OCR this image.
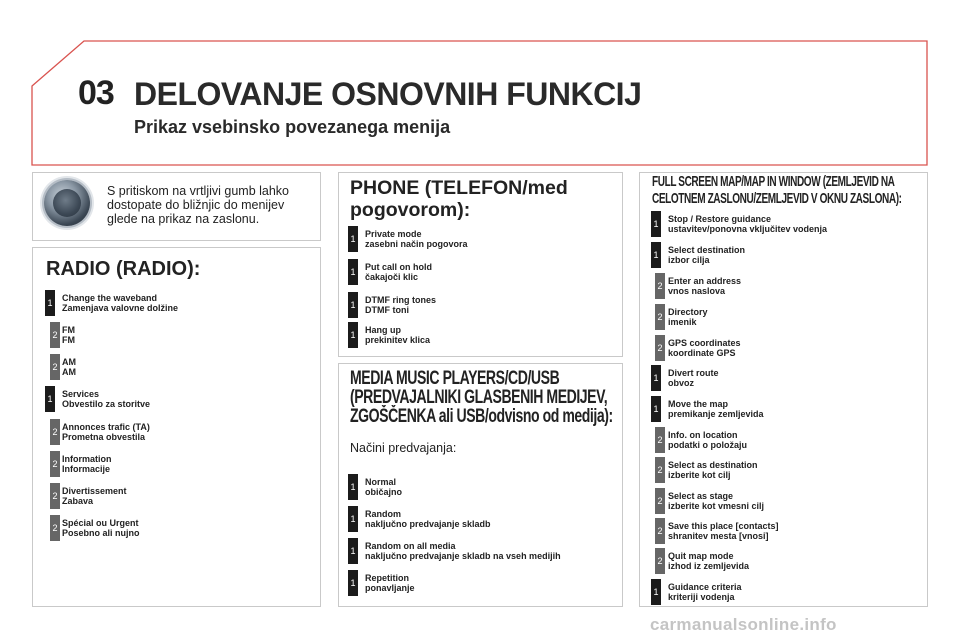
03 DELOVANJE OSNOVNIH FUNKCIJ
Prikaz vsebinsko povezanega menija
S pritiskom na vrtljivi gumb lahko dostopate do bližnjic do menijev glede na prikaz na zaslonu.
RADIO (RADIO):
PHONE (TELEFON/med
pogovorom):
MEDIA MUSIC PLAYERS/CD/USB
(PREDVAJALNIKI GLASBENIH MEDIJEV,
ZGOŠČENKA ali USB/odvisno od medija):
Načini predvajanja:
FULL SCREEN MAP/MAP IN WINDOW (ZEMLJEVID NA
CELOTNEM ZASLONU/ZEMLJEVID V OKNU ZASLONA):
1 Change the waveband
Zamenjava valovne dolžine
2 FM
FM
2 AM
AM
1 Services
Obvestilo za storitve
2 Annonces trafic (TA)
Prometna obvestila
2 Information
Informacije
2 Divertissement
Zabava
2 Spécial ou Urgent
Posebno ali nujno
1 Private mode
zasebni način pogovora
1 Put call on hold
čakajoči klic
1 DTMF ring tones
DTMF toni
1 Hang up
prekinitev klica
1 Normal
običajno
1 Random
naključno predvajanje skladb
1 Random on all media
naključno predvajanje skladb na vseh medijih
1 Repetition
ponavljanje
1 Stop / Restore guidance
ustavitev/ponovna vključitev vodenja
1 Select destination
izbor cilja
2 Enter an address
vnos naslova
2 Directory
imenik
2 GPS coordinates
koordinate GPS
1 Divert route
obvoz
1 Move the map
premikanje zemljevida
2 Info. on location
podatki o položaju
2 Select as destination
izberite kot cilj
2 Select as stage
izberite kot vmesni cilj
2 Save this place [contacts]
shranitev mesta [vnosi]
2 Quit map mode
izhod iz zemljevida
1 Guidance criteria
kriteriji vodenja
carmanualsonline.info
